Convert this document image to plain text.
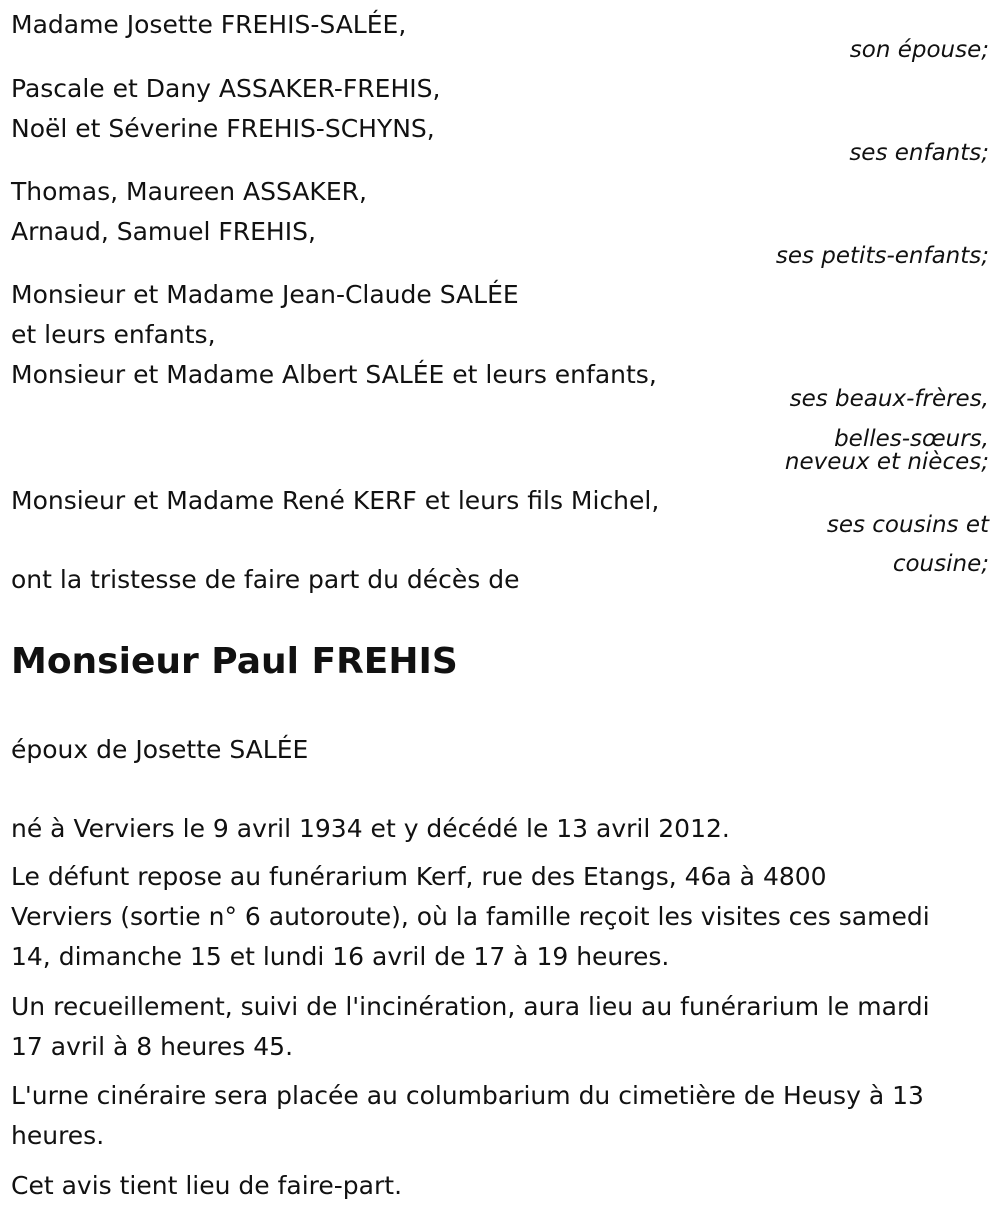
Madame Josette FREHIS-SALÉE,
son épouse;
Pascale et Dany ASSAKER-FREHIS,
Noël et Séverine FREHIS-SCHYNS,
ses enfants;
Thomas, Maureen ASSAKER,
Arnaud, Samuel FREHIS,
ses petits-enfants;
Monsieur et Madame Jean-Claude SALÉE
et leurs enfants,
Monsieur et Madame Albert SALÉE et leurs enfants,
ses beaux-frères,
belles-sœurs,
neveux et nièces;
Monsieur et Madame René KERF et leurs fils Michel,
ses cousins et
cousine;
ont la tristesse de faire part du décès de
Monsieur Paul FREHIS
époux de Josette SALÉE
né à Verviers le 9 avril 1934 et y décédé le 13 avril 2012.
Le défunt repose au funérarium Kerf, rue des Etangs, 46a à 4800
Verviers (sortie n° 6 autoroute), où la famille reçoit les visites ces samedi
14, dimanche 15 et lundi 16 avril de 17 à 19 heures.
Un recueillement, suivi de l'incinération, aura lieu au funérarium le mardi
17 avril à 8 heures 45.
L'urne cinéraire sera placée au columbarium du cimetière de Heusy à 13
heures.
Cet avis tient lieu de faire-part.
